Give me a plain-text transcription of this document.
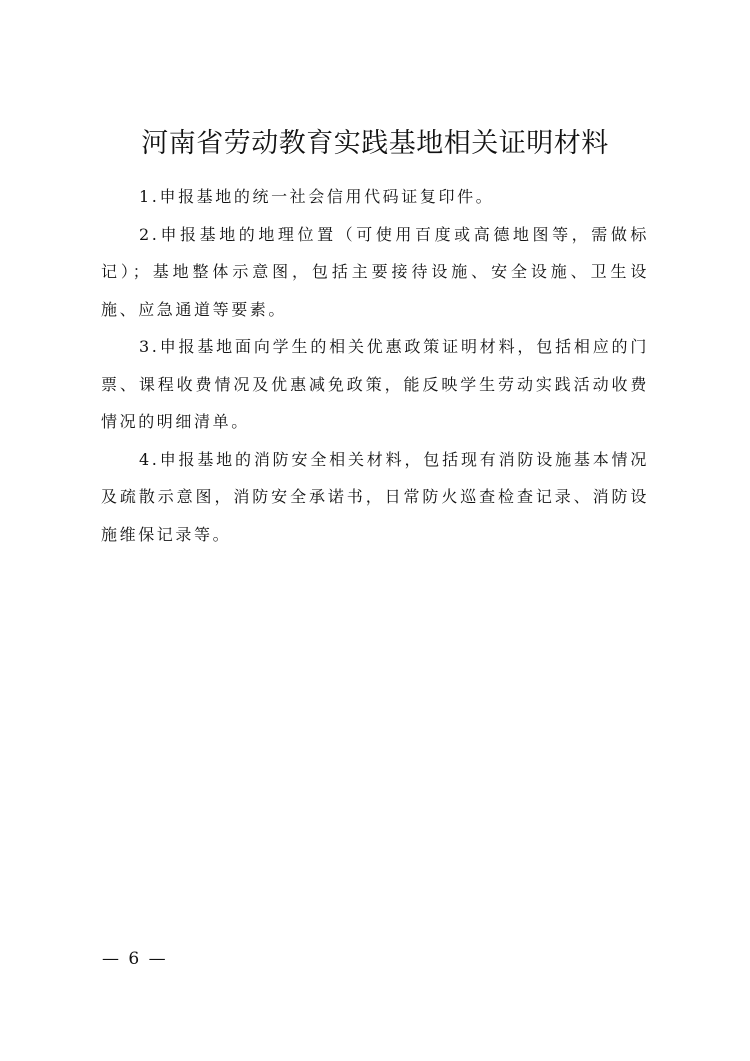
河南省劳动教育实践基地相关证明材料

1.申报基地的统一社会信用代码证复印件。

2.申报基地的地理位置（可使用百度或高德地图等，需做标记）；基地整体示意图，包括主要接待设施、安全设施、卫生设施、应急通道等要素。

3.申报基地面向学生的相关优惠政策证明材料，包括相应的门票、课程收费情况及优惠减免政策，能反映学生劳动实践活动收费情况的明细清单。

4.申报基地的消防安全相关材料，包括现有消防设施基本情况及疏散示意图，消防安全承诺书，日常防火巡查检查记录、消防设施维保记录等。

— 6 —
